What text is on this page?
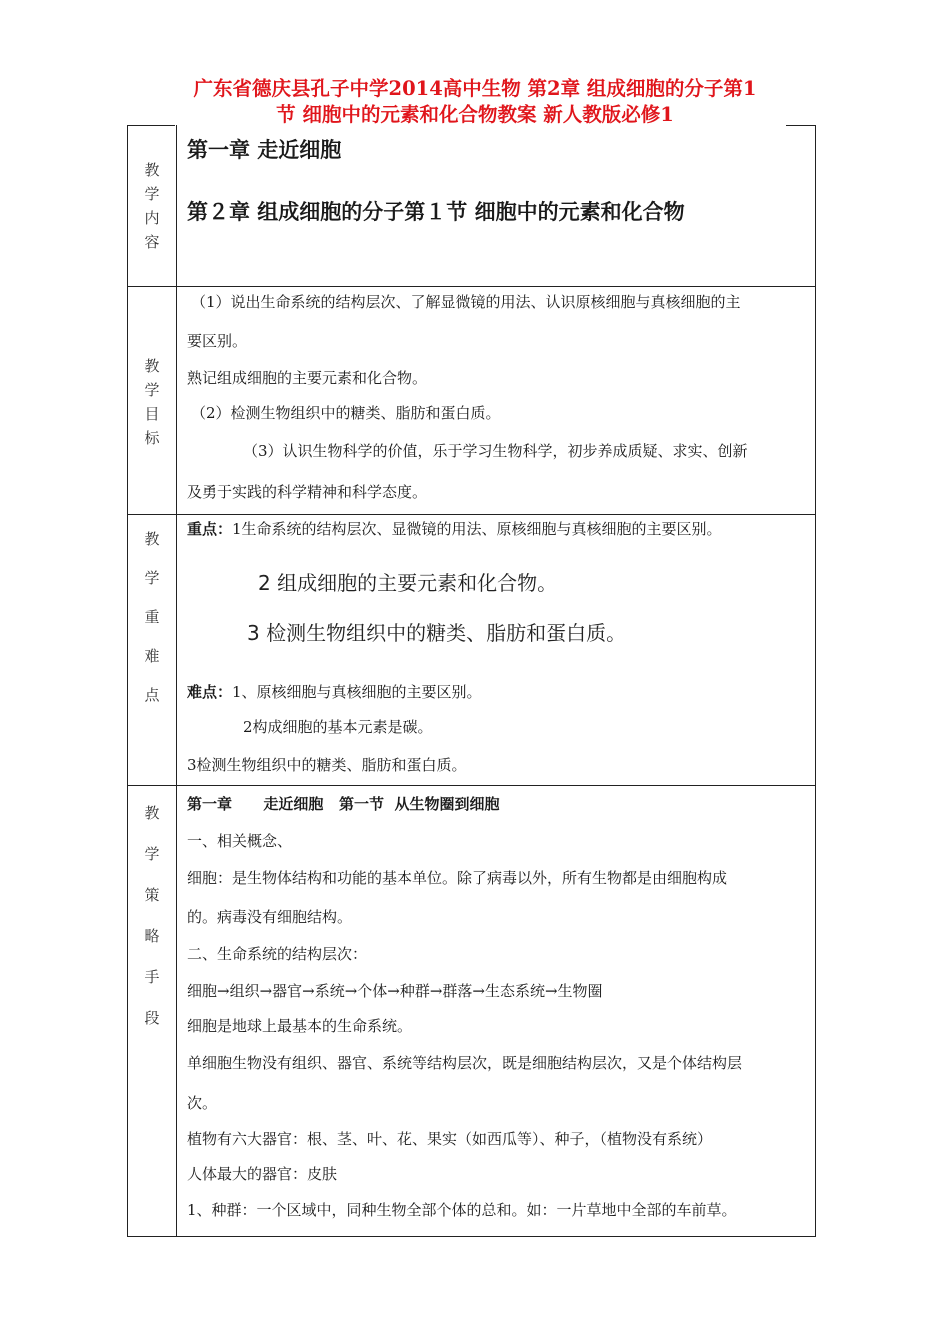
广东省德庆县孔子中学2014高中生物 第2章 组成细胞的分子第1
节 细胞中的元素和化合物教案 新人教版必修1
教
学
内
容
第一章 走近细胞
第２章 组成细胞的分子第１节 细胞中的元素和化合物
教
学
目
标
（1）说出生命系统的结构层次、了解显微镜的用法、认识原核细胞与真核细胞的主
要区别。
熟记组成细胞的主要元素和化合物。
（2）检测生物组织中的糖类、脂肪和蛋白质。
（3）认识生物科学的价值，乐于学习生物科学，初步养成质疑、求实、创新
及勇于实践的科学精神和科学态度。
教
学
重
难
点
重点：1生命系统的结构层次、显微镜的用法、原核细胞与真核细胞的主要区别。
2 组成细胞的主要元素和化合物。
3 检测生物组织中的糖类、脂肪和蛋白质。
难点：1、原核细胞与真核细胞的主要区别。
2构成细胞的基本元素是碳。
3检测生物组织中的糖类、脂肪和蛋白质。
教
学
策
略
手
段
第一章      走近细胞   第一节  从生物圈到细胞
一、相关概念、
细胞：是生物体结构和功能的基本单位。除了病毒以外，所有生物都是由细胞构成
的。病毒没有细胞结构。
二、生命系统的结构层次：
细胞→组织→器官→系统→个体→种群→群落→生态系统→生物圈
细胞是地球上最基本的生命系统。
单细胞生物没有组织、器官、系统等结构层次，既是细胞结构层次，又是个体结构层
次。
植物有六大器官：根、茎、叶、花、果实（如西瓜等）、种子，（植物没有系统）
人体最大的器官：皮肤
1、种群：一个区域中，同种生物全部个体的总和。如：一片草地中全部的车前草。
